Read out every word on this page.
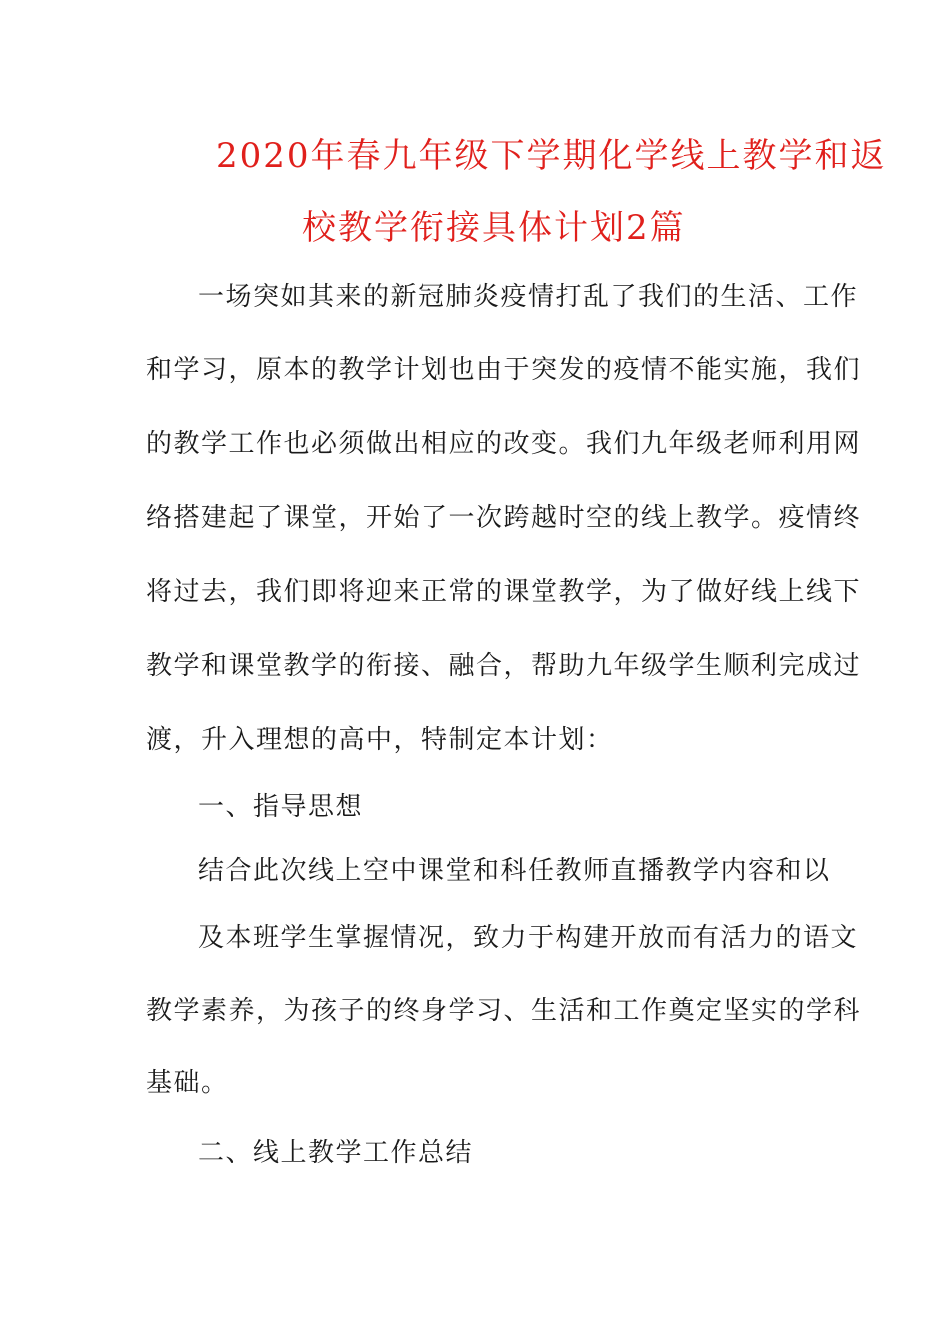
2020年春九年级下学期化学线上教学和返
校教学衔接具体计划2篇
一场突如其来的新冠肺炎疫情打乱了我们的生活、工作
和学习，原本的教学计划也由于突发的疫情不能实施，我们
的教学工作也必须做出相应的改变。我们九年级老师利用网
络搭建起了课堂，开始了一次跨越时空的线上教学。疫情终
将过去，我们即将迎来正常的课堂教学，为了做好线上线下
教学和课堂教学的衔接、融合，帮助九年级学生顺利完成过
渡，升入理想的高中，特制定本计划：
一、指导思想
结合此次线上空中课堂和科任教师直播教学内容和以
及本班学生掌握情况，致力于构建开放而有活力的语文
教学素养，为孩子的终身学习、生活和工作奠定坚实的学科
基础。
二、线上教学工作总结
